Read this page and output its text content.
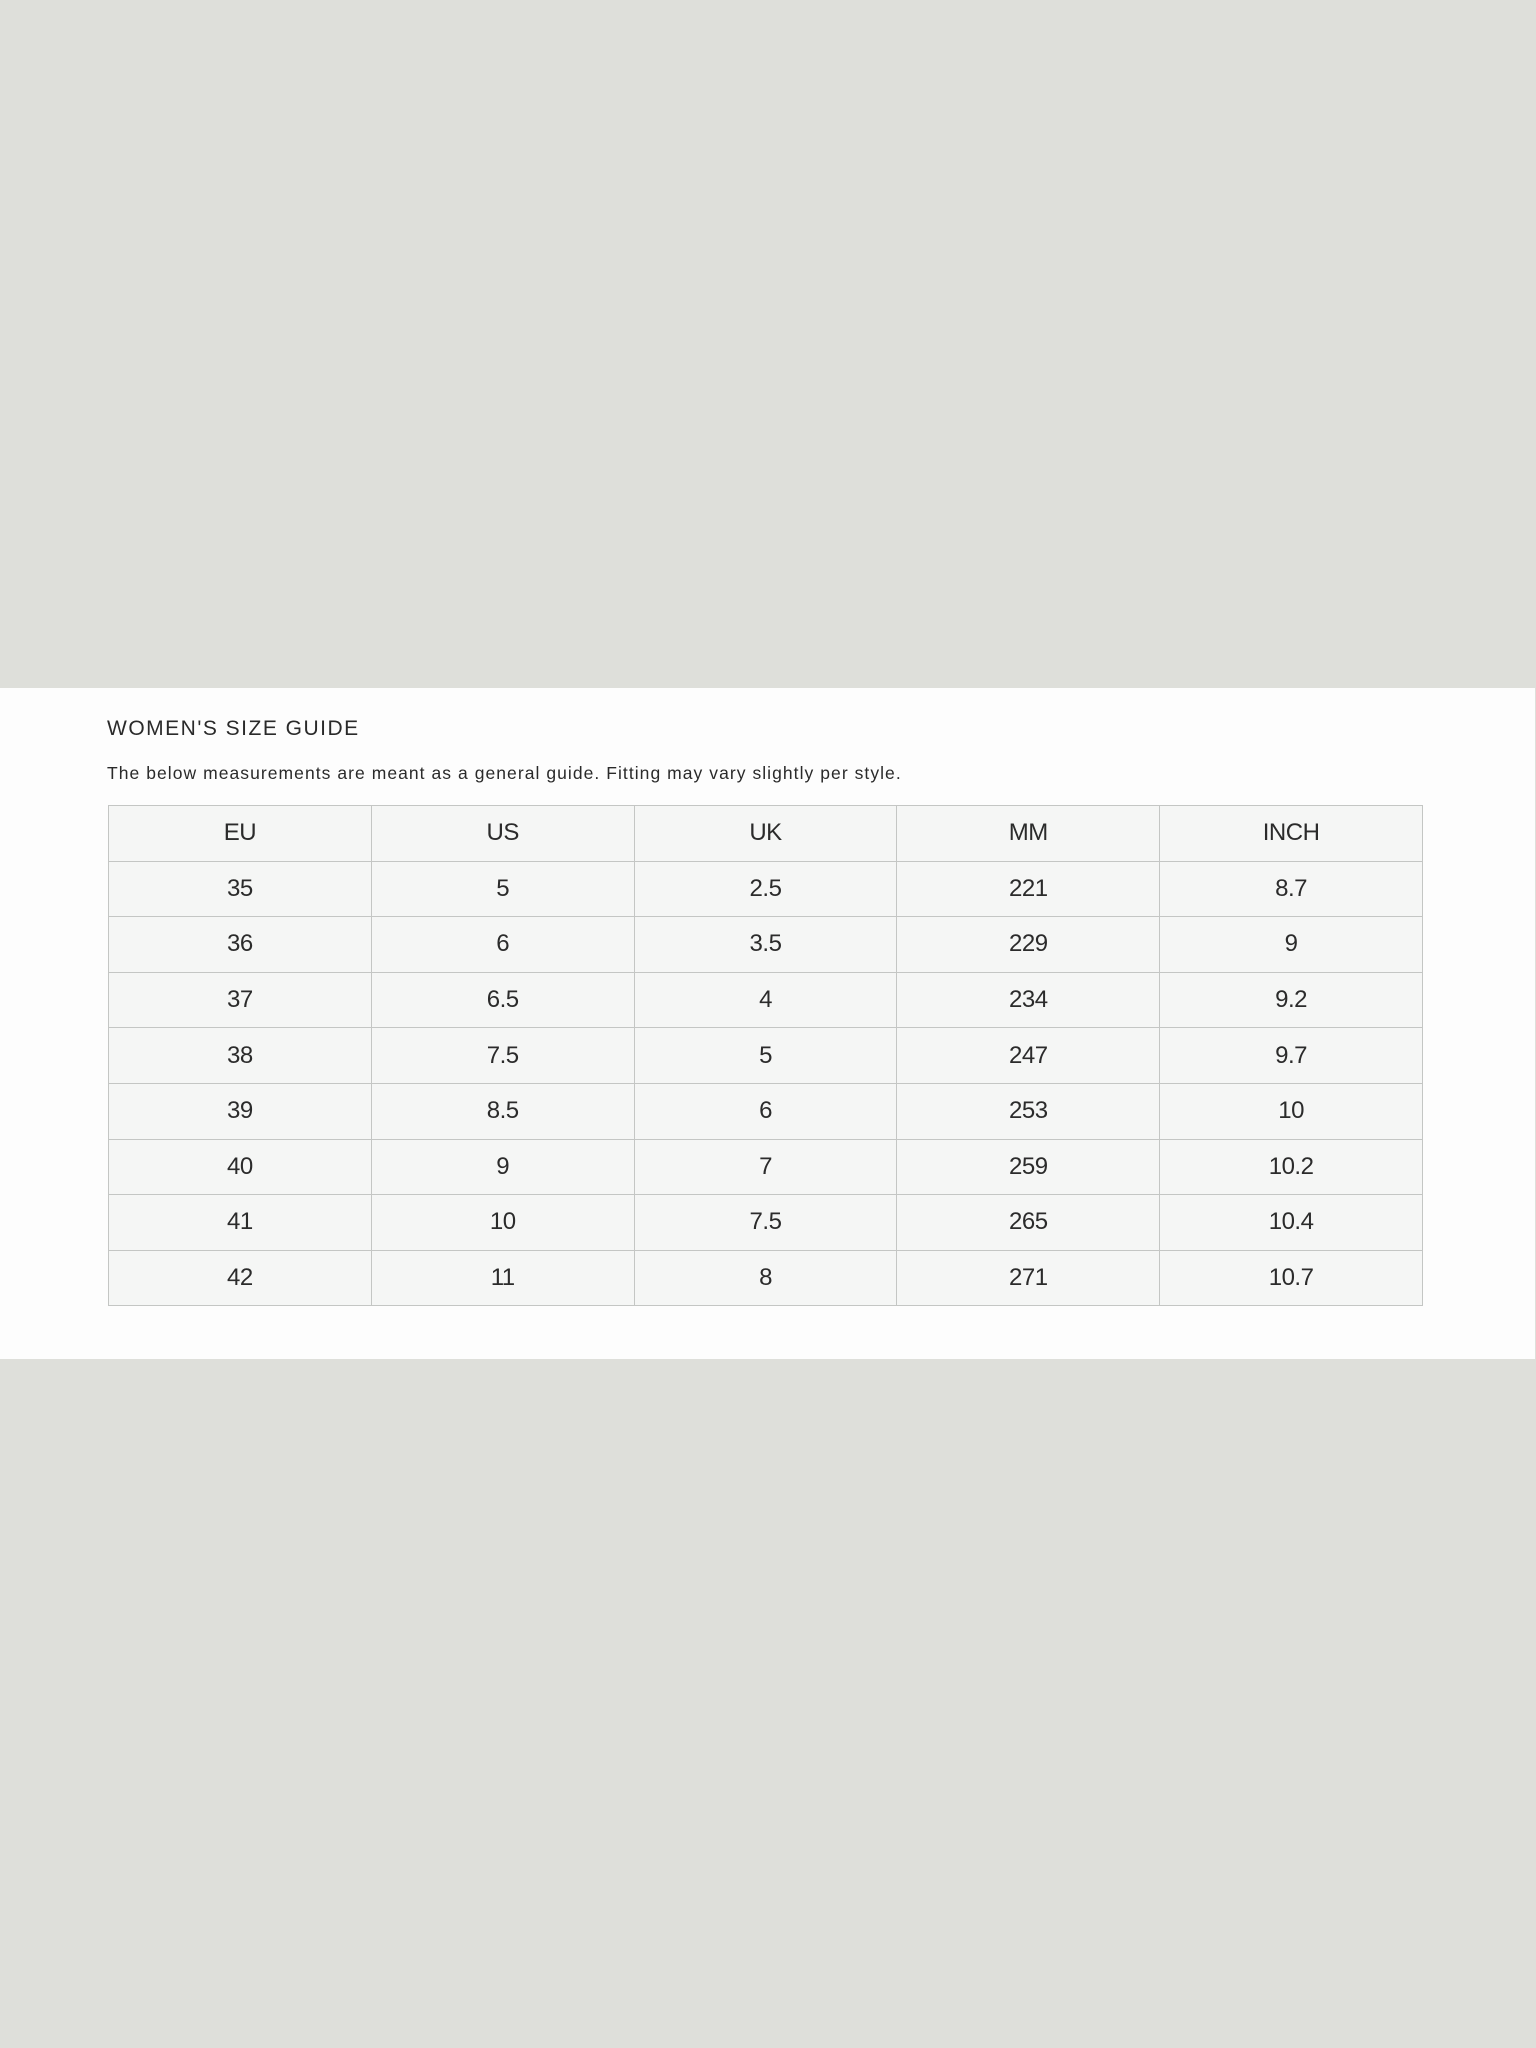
WOMEN'S SIZE GUIDE

The below measurements are meant as a general guide. Fitting may vary slightly per style.

EU	US	UK	MM	INCH
35	5	2.5	221	8.7
36	6	3.5	229	9
37	6.5	4	234	9.2
38	7.5	5	247	9.7
39	8.5	6	253	10
40	9	7	259	10.2
41	10	7.5	265	10.4
42	11	8	271	10.7
